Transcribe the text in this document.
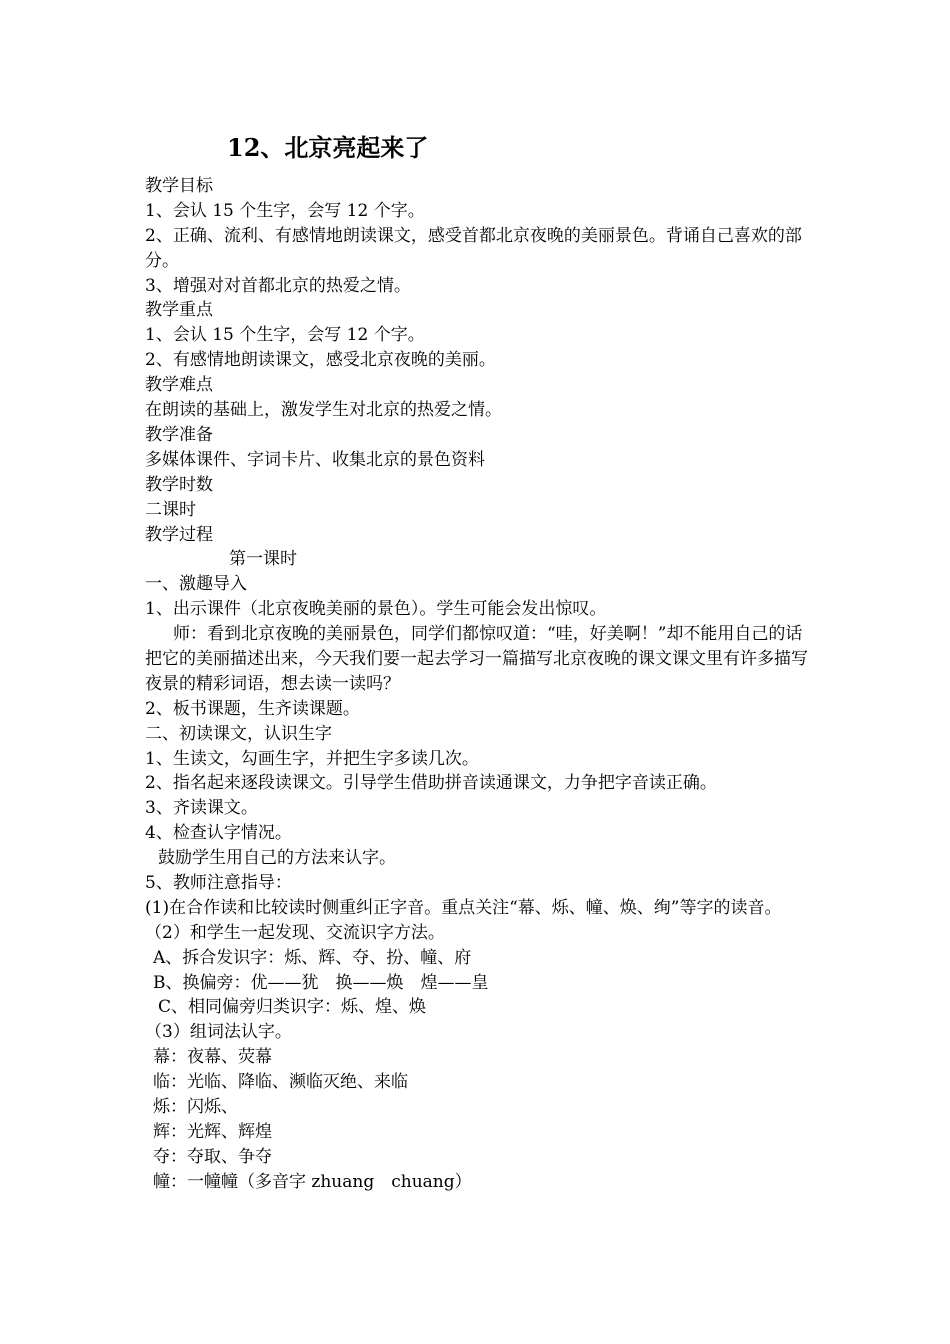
12、北京亮起来了
教学目标
1、会认 15 个生字，会写 12 个字。
2、正确、流利、有感情地朗读课文，感受首都北京夜晚的美丽景色。背诵自己喜欢的部分。
3、增强对对首都北京的热爱之情。
教学重点
1、会认 15 个生字，会写 12 个字。
2、有感情地朗读课文，感受北京夜晚的美丽。
教学难点
在朗读的基础上，激发学生对北京的热爱之情。
教学准备
多媒体课件、字词卡片、收集北京的景色资料
教学时数
二课时
教学过程
第一课时
一、激趣导入
1、出示课件（北京夜晚美丽的景色）。学生可能会发出惊叹。
师：看到北京夜晚的美丽景色，同学们都惊叹道：“哇，好美啊！”却不能用自己的话把它的美丽描述出来，今天我们要一起去学习一篇描写北京夜晚的课文课文里有许多描写夜景的精彩词语，想去读一读吗？
2、板书课题，生齐读课题。
二、初读课文，认识生字
1、生读文，勾画生字，并把生字多读几次。
2、指名起来逐段读课文。引导学生借助拼音读通课文，力争把字音读正确。
3、齐读课文。
4、检查认字情况。
鼓励学生用自己的方法来认字。
5、教师注意指导：
(1)在合作读和比较读时侧重纠正字音。重点关注“幕、烁、幢、焕、绚”等字的读音。
（2）和学生一起发现、交流识字方法。
A、拆合发识字：烁、辉、夺、扮、幢、府
B、换偏旁：优——犹　换——焕　煌——皇
C、相同偏旁归类识字：烁、煌、焕
（3）组词法认字。
幕：夜幕、荧幕
临：光临、降临、濒临灭绝、来临
烁：闪烁、
辉：光辉、辉煌
夺：夺取、争夺
幢：一幢幢（多音字 zhuang　chuang）
